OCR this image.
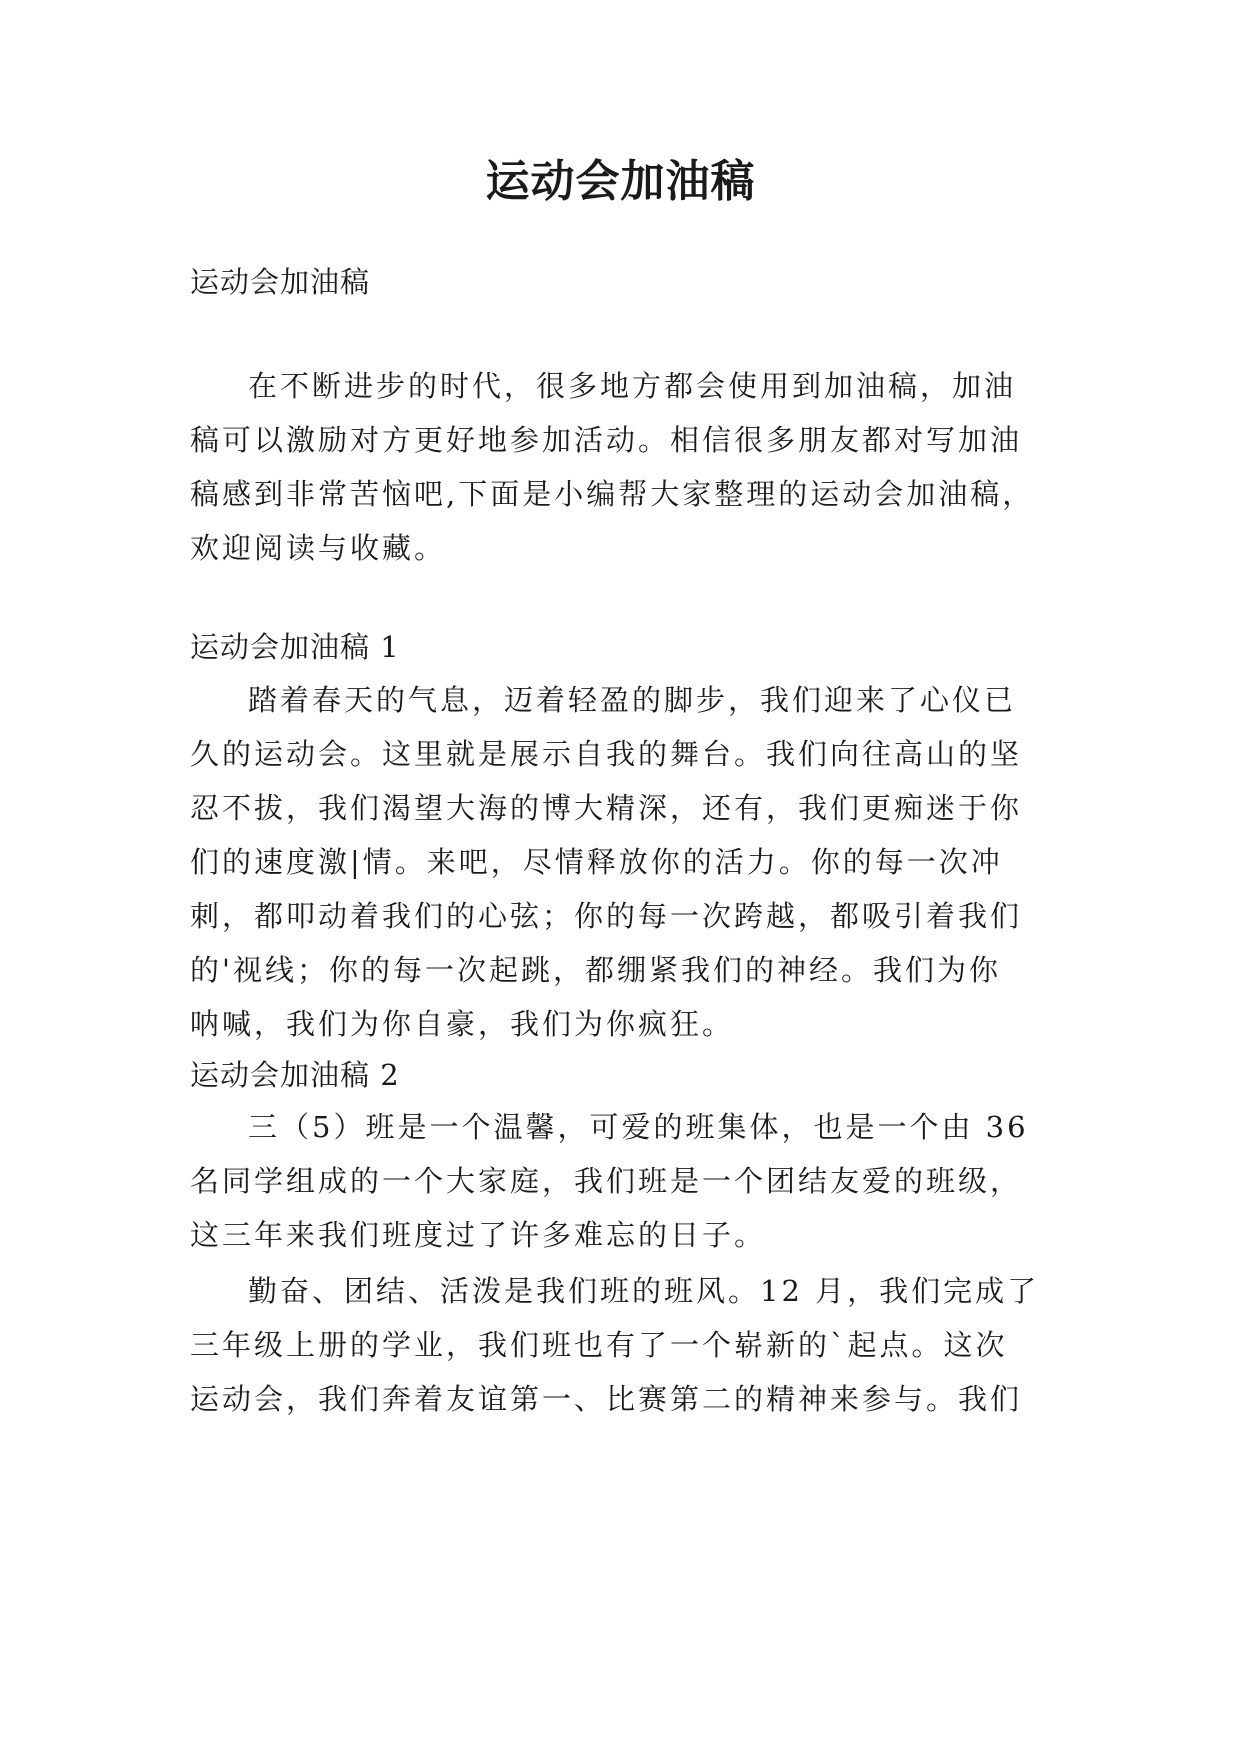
运动会加油稿
运动会加油稿
在不断进步的时代，很多地方都会使用到加油稿，加油
稿可以激励对方更好地参加活动。相信很多朋友都对写加油
稿感到非常苦恼吧,下面是小编帮大家整理的运动会加油稿，
欢迎阅读与收藏。
运动会加油稿 1
踏着春天的气息，迈着轻盈的脚步，我们迎来了心仪已
久的运动会。这里就是展示自我的舞台。我们向往高山的坚
忍不拔，我们渴望大海的博大精深，还有，我们更痴迷于你
们的速度激|情。来吧，尽情释放你的活力。你的每一次冲
刺，都叩动着我们的心弦；你的每一次跨越，都吸引着我们
的'视线；你的每一次起跳，都绷紧我们的神经。我们为你
呐喊，我们为你自豪，我们为你疯狂。
运动会加油稿 2
三（5）班是一个温馨，可爱的班集体，也是一个由 36
名同学组成的一个大家庭，我们班是一个团结友爱的班级，
这三年来我们班度过了许多难忘的日子。
勤奋、团结、活泼是我们班的班风。12 月，我们完成了
三年级上册的学业，我们班也有了一个崭新的`起点。这次
运动会，我们奔着友谊第一、比赛第二的精神来参与。我们
